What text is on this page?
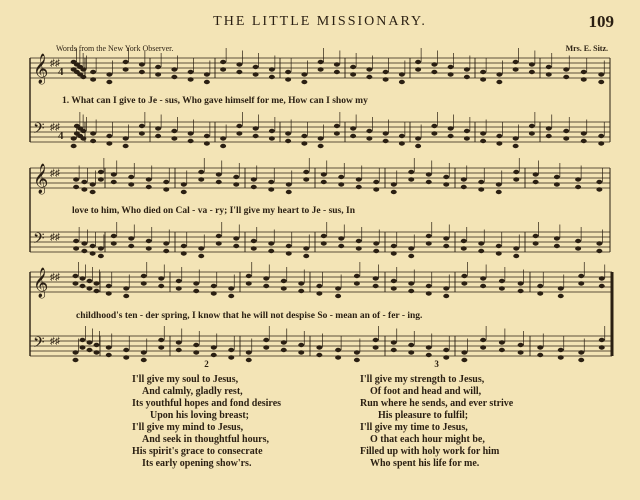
THE LITTLE MISSIONARY.	109
Words from the New York Observer.	Mrs. E. Sitz.
𝄞 ♯♯
𝄢 ♯♯
𝄞 ♯♯
𝄢 ♯♯
𝄞 ♯♯
𝄢 ♯♯
4
4
1. What can I give to Je - sus, Who gave himself for me, How can I show my
love to him, Who died on Cal - va - ry; I'll give my heart to Je - sus, In
childhood's ten - der spring, I know that he will not despise So - mean an of - fer - ing.
2
I'll give my soul to Jesus,
And calmly, gladly rest,
Its youthful hopes and fond desires
Upon his loving breast;
I'll give my mind to Jesus,
And seek in thoughtful hours,
His spirit's grace to consecrate
Its early opening show'rs.
3
I'll give my strength to Jesus,
Of foot and head and will,
Run where he sends, and ever strive
His pleasure to fulfil;
I'll give my time to Jesus,
O that each hour might be,
Filled up with holy work for him
Who spent his life for me.
